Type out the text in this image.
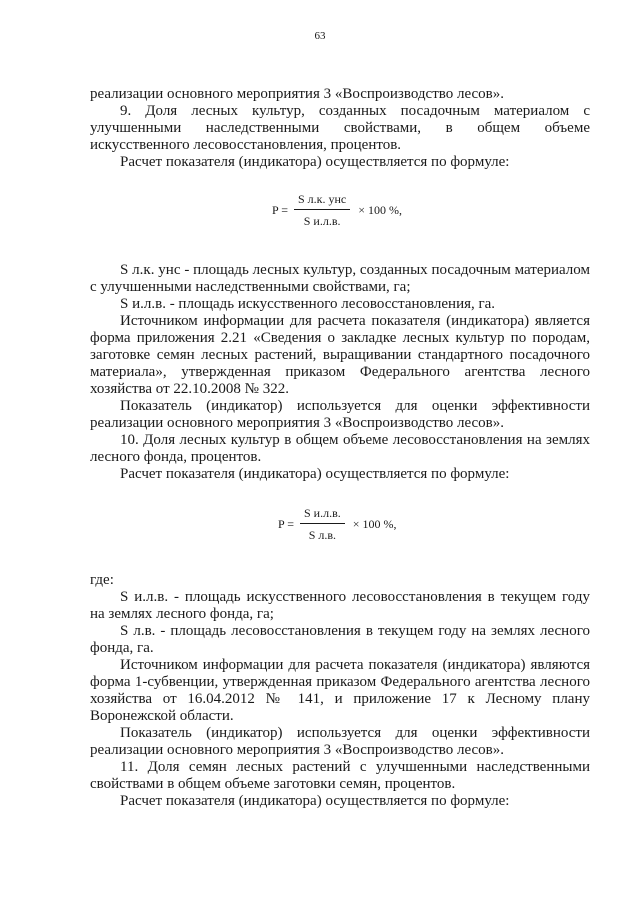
63

реализации основного мероприятия 3 «Воспроизводство лесов».

9. Доля лесных культур, созданных посадочным материалом с улучшенными наследственными свойствами, в общем объеме

искусственного лесовосстановления, процентов.

Расчет показателя (индикатора) осуществляется по формуле:

$P = \frac{\text{S л.к. унс}}{\text{S и.л.в.}} \times 100$ %,

S л.к. унс - площадь лесных культур, созданных посадочным материалом с улучшенными наследственными свойствами, га;

S и.л.в. - площадь искусственного лесовосстановления, га.

Источником информации для расчета показателя (индикатора) является форма приложения 2.21 «Сведения о закладке лесных культур по породам, заготовке семян лесных растений, выращивании стандартного посадочного материала», утвержденная приказом Федерального агентства лесного хозяйства от 22.10.2008 № 322.

Показатель (индикатор) используется для оценки эффективности реализации основного мероприятия 3 «Воспроизводство лесов».

10. Доля лесных культур в общем объеме лесовосстановления на землях лесного фонда, процентов.

Расчет показателя (индикатора) осуществляется по формуле:

$P = \frac{\text{S и.л.в.}}{\text{S л.в.}} \times 100$ %,

где:

S и.л.в. - площадь искусственного лесовосстановления в текущем году на землях лесного фонда, га;

S л.в. - площадь лесовосстановления в текущем году на землях лесного фонда, га.

Источником информации для расчета показателя (индикатора) являются форма 1-субвенции, утвержденная приказом Федерального агентства лесного хозяйства от 16.04.2012 № 141, и приложение 17 к Лесному плану Воронежской области.

Показатель (индикатор) используется для оценки эффективности реализации основного мероприятия 3 «Воспроизводство лесов».

11. Доля семян лесных растений с улучшенными наследственными свойствами в общем объеме заготовки семян, процентов.

Расчет показателя (индикатора) осуществляется по формуле:
